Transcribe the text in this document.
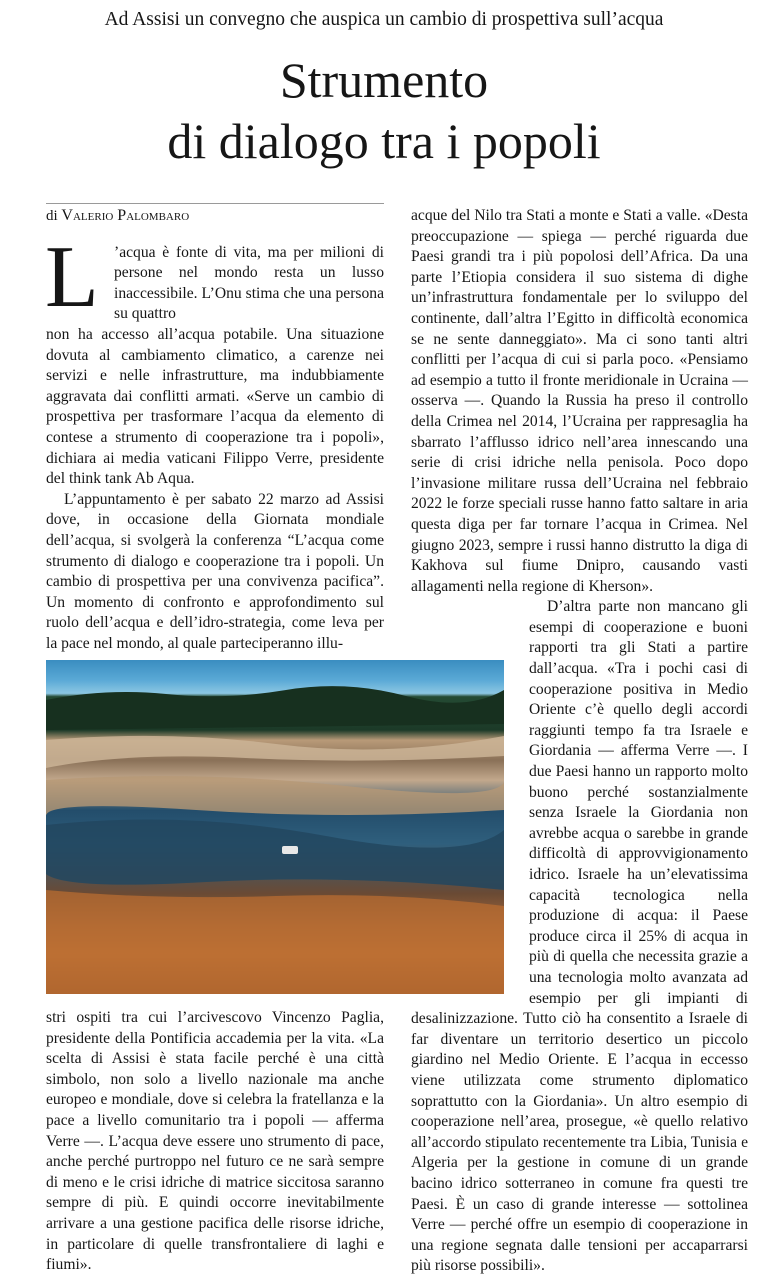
Ad Assisi un convegno che auspica un cambio di prospettiva sull’acqua
Strumento
di dialogo tra i popoli

di Valerio Palombaro

L ’acqua è fonte di vita, ma per milioni di persone nel mondo resta un lusso inaccessibile. L’Onu stima che una persona su quattro

non ha accesso all’acqua potabile. Una situazione dovuta al cambiamento climatico, a carenze nei servizi e nelle infrastrutture, ma indubbiamente aggravata dai conflitti armati. «Serve un cambio di prospettiva per trasformare l’acqua da elemento di contese a strumento di cooperazione tra i popoli», dichiara ai media vaticani Filippo Verre, presidente del think tank Ab Aqua.

L’appuntamento è per sabato 22 marzo ad Assisi dove, in occasione della Giornata mondiale dell’acqua, si svolgerà la conferenza “L’acqua come strumento di dialogo e cooperazione tra i popoli. Un cambio di prospettiva per una convivenza pacifica”. Un momento di confronto e approfondimento sul ruolo dell’acqua e dell’idro-strategia, come leva per la pace nel mondo, al quale parteciperanno illu-

stri ospiti tra cui l’arcivescovo Vincenzo Paglia, presidente della Pontificia accademia per la vita. «La scelta di Assisi è stata facile perché è una città simbolo, non solo a livello nazionale ma anche europeo e mondiale, dove si celebra la fratellanza e la pace a livello comunitario tra i popoli — afferma Verre —. L’acqua deve essere uno strumento di pace, anche perché purtroppo nel futuro ce ne sarà sempre di meno e le crisi idriche di matrice siccitosa saranno sempre di più. E quindi occorre inevitabilmente arrivare a una gestione pacifica delle risorse idriche, in particolare di quelle transfrontaliere di laghi e fiumi».

acque del Nilo tra Stati a monte e Stati a valle. «Desta preoccupazione — spiega — perché riguarda due Paesi grandi tra i più popolosi dell’Africa. Da una parte l’Etiopia considera il suo sistema di dighe un’infrastruttura fondamentale per lo sviluppo del continente, dall’altra l’Egitto in difficoltà economica se ne sente danneggiato». Ma ci sono tanti altri conflitti per l’acqua di cui si parla poco. «Pensiamo ad esempio a tutto il fronte meridionale in Ucraina — osserva —. Quando la Russia ha preso il controllo della Crimea nel 2014, l’Ucraina per rappresaglia ha sbarrato l’afflusso idrico nell’area innescando una serie di crisi idriche nella penisola. Poco dopo l’invasione militare russa dell’Ucraina nel febbraio 2022 le forze speciali russe hanno fatto saltare in aria questa diga per far tornare l’acqua in Crimea. Nel giugno 2023, sempre i russi hanno distrutto la diga di Kakhova sul fiume Dnipro, causando vasti allagamenti nella regione di Kherson».

D’altra parte non mancano gli esempi di cooperazione e buoni rapporti tra gli Stati a partire dall’acqua. «Tra i pochi casi di cooperazione positiva in Medio Oriente c’è quello degli accordi raggiunti tempo fa tra Israele e Giordania — afferma Verre —. I due Paesi hanno un rapporto molto buono perché sostanzialmente senza Israele la Giordania non avrebbe acqua o sarebbe in grande difficoltà di approvvigionamento idrico. Israele ha un’elevatissima capacità tecnologica nella produzione di acqua: il Paese produce circa il 25% di acqua in più di quella che necessita grazie a una tecnologia molto avanzata ad esempio per gli impianti di desalinizzazione. Tutto ciò ha consentito a Israele di far diventare un territorio desertico un piccolo giardino nel Medio Oriente. E l’acqua in eccesso viene utilizzata come strumento diplomatico soprattutto con la Giordania». Un altro esempio di cooperazione nell’area, prosegue, «è quello relativo all’accordo stipulato recentemente tra Libia, Tunisia e Algeria per la gestione in comune di un grande bacino idrico sotterraneo in comune fra questi tre Paesi. È un caso di grande interesse — sottolinea Verre — perché offre un esempio di cooperazione in una regione segnata dalle tensioni per accaparrarsi più risorse possibili».
